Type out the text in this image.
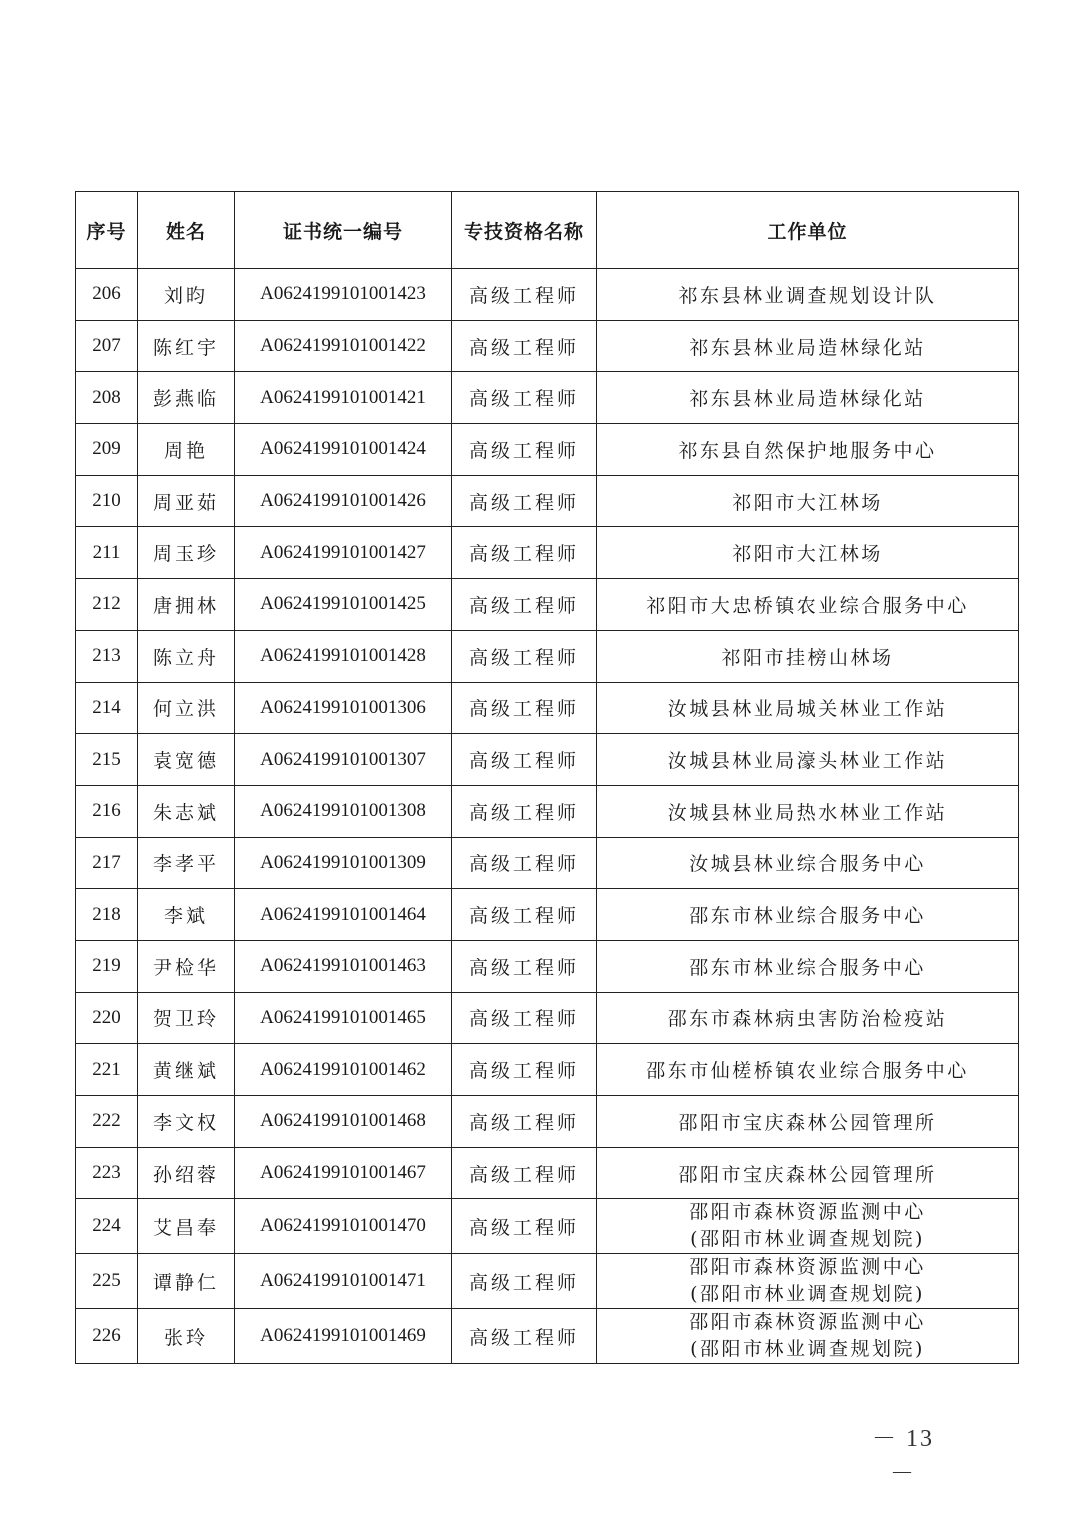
序号	姓名	证书统一编号	专技资格名称	工作单位
206	刘昀	A0624199101001423	高级工程师	祁东县林业调查规划设计队
207	陈红宇	A0624199101001422	高级工程师	祁东县林业局造林绿化站
208	彭燕临	A0624199101001421	高级工程师	祁东县林业局造林绿化站
209	周艳	A0624199101001424	高级工程师	祁东县自然保护地服务中心
210	周亚茹	A0624199101001426	高级工程师	祁阳市大江林场
211	周玉珍	A0624199101001427	高级工程师	祁阳市大江林场
212	唐拥林	A0624199101001425	高级工程师	祁阳市大忠桥镇农业综合服务中心
213	陈立舟	A0624199101001428	高级工程师	祁阳市挂榜山林场
214	何立洪	A0624199101001306	高级工程师	汝城县林业局城关林业工作站
215	袁宽德	A0624199101001307	高级工程师	汝城县林业局濠头林业工作站
216	朱志斌	A0624199101001308	高级工程师	汝城县林业局热水林业工作站
217	李孝平	A0624199101001309	高级工程师	汝城县林业综合服务中心
218	李斌	A0624199101001464	高级工程师	邵东市林业综合服务中心
219	尹检华	A0624199101001463	高级工程师	邵东市林业综合服务中心
220	贺卫玲	A0624199101001465	高级工程师	邵东市森林病虫害防治检疫站
221	黄继斌	A0624199101001462	高级工程师	邵东市仙槎桥镇农业综合服务中心
222	李文权	A0624199101001468	高级工程师	邵阳市宝庆森林公园管理所
223	孙绍蓉	A0624199101001467	高级工程师	邵阳市宝庆森林公园管理所
224	艾昌奉	A0624199101001470	高级工程师	邵阳市森林资源监测中心
(邵阳市林业调查规划院)

225	谭静仁	A0624199101001471	高级工程师	邵阳市森林资源监测中心
(邵阳市林业调查规划院)

226	张玲	A0624199101001469	高级工程师	邵阳市森林资源监测中心
(邵阳市林业调查规划院)
－ 13 －
